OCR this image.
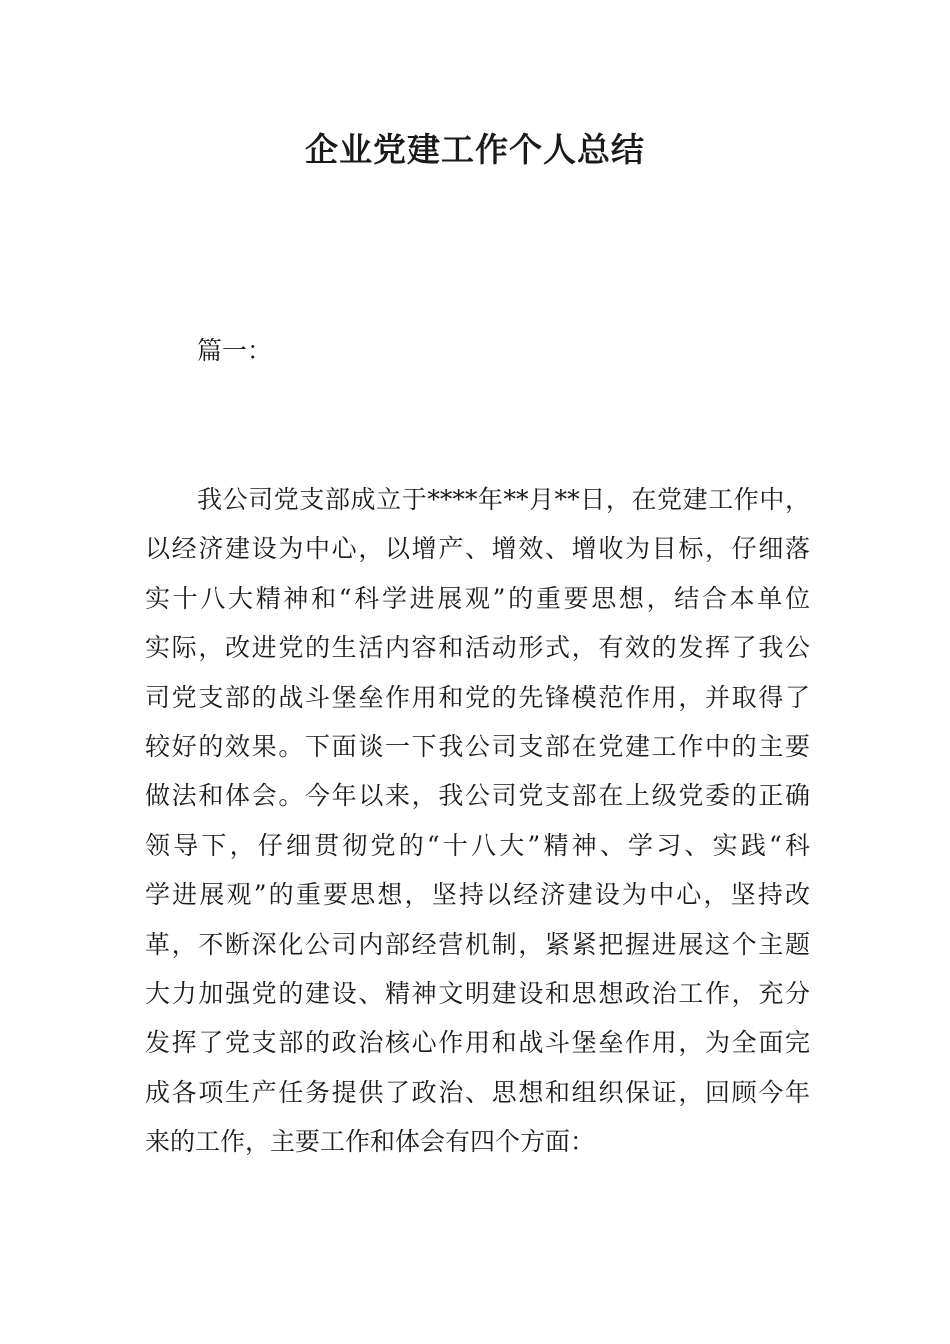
企业党建工作个人总结

篇一：

我公司党支部成立于****年**月**日，在党建工作中，
以经济建设为中心，以增产、增效、增收为目标，仔细落
实十八大精神和“科学进展观”的重要思想，结合本单位
实际，改进党的生活内容和活动形式，有效的发挥了我公
司党支部的战斗堡垒作用和党的先锋模范作用，并取得了
较好的效果。下面谈一下我公司支部在党建工作中的主要
做法和体会。今年以来，我公司党支部在上级党委的正确
领导下，仔细贯彻党的“十八大”精神、学习、实践“科
学进展观”的重要思想，坚持以经济建设为中心，坚持改
革，不断深化公司内部经营机制，紧紧把握进展这个主题
大力加强党的建设、精神文明建设和思想政治工作，充分
发挥了党支部的政治核心作用和战斗堡垒作用，为全面完
成各项生产任务提供了政治、思想和组织保证，回顾今年
来的工作，主要工作和体会有四个方面：
